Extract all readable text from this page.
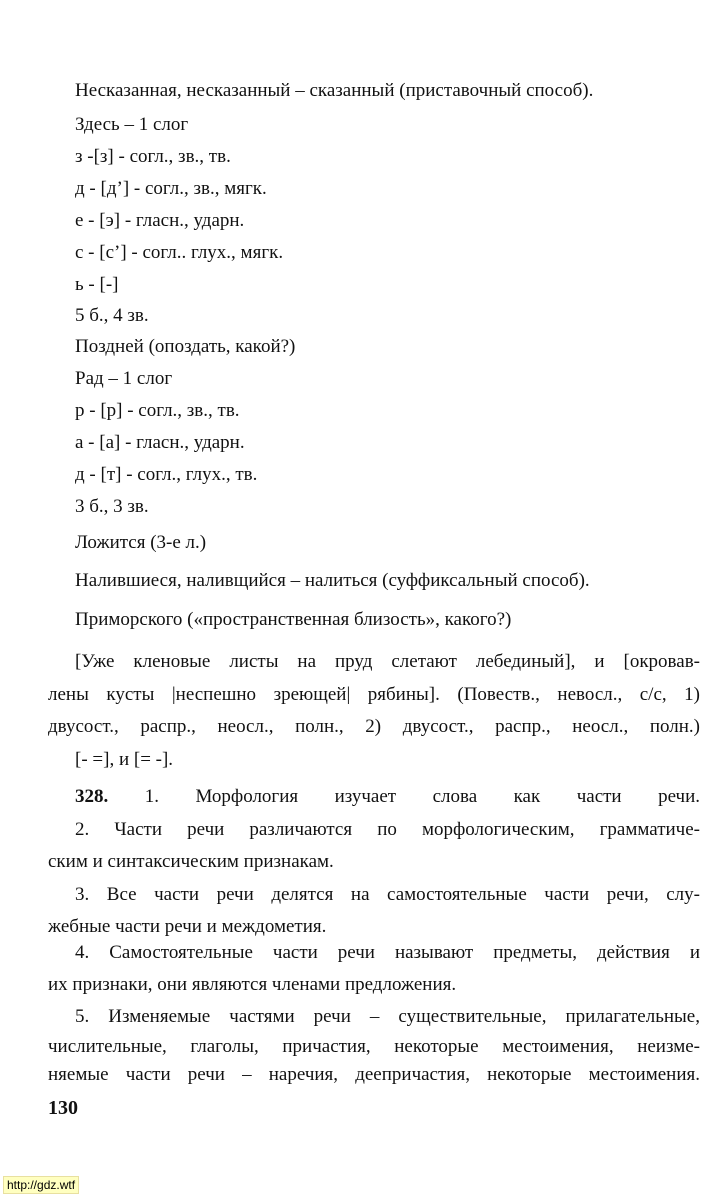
Несказанная, несказанный – сказанный (приставочный способ).
Здесь – 1 слог
з -[з] - согл., зв., тв.
д - [д’] - согл., зв., мягк.
е - [э] - гласн., ударн.
с - [с’] - согл.. глух., мягк.
ь - [-]
5 б., 4 зв.
Поздней (опоздать, какой?)
Рад – 1 слог
р - [р] - согл., зв., тв.
а - [а] - гласн., ударн.
д - [т] - согл., глух., тв.
3 б., 3 зв.
Ложится (3-е л.)
Налившиеся, наливщийся – налиться (суффиксальный способ).
Приморского («пространственная близость», какого?)
[Уже кленовые листы на пруд слетают лебединый], и [окровав-
лены кусты |неспешно зреющей| рябины]. (Повеств., невосл., с/с, 1)
двусост., распр., неосл., полн., 2) двусост., распр., неосл., полн.)
[- =], и [= -].
328. 1. Морфология изучает слова как части речи.
2. Части речи различаются по морфологическим, грамматиче-
ским и синтаксическим признакам.
3. Все части речи делятся на самостоятельные части речи, слу-
жебные части речи и междометия.
4. Самостоятельные части речи называют предметы, действия и
их признаки, они являются членами предложения.
5. Изменяемые частями речи – существительные, прилагательные,
числительные, глаголы, причастия, некоторые местоимения, неизме-
няемые части речи – наречия, деепричастия, некоторые местоимения.
130
http://gdz.wtf
